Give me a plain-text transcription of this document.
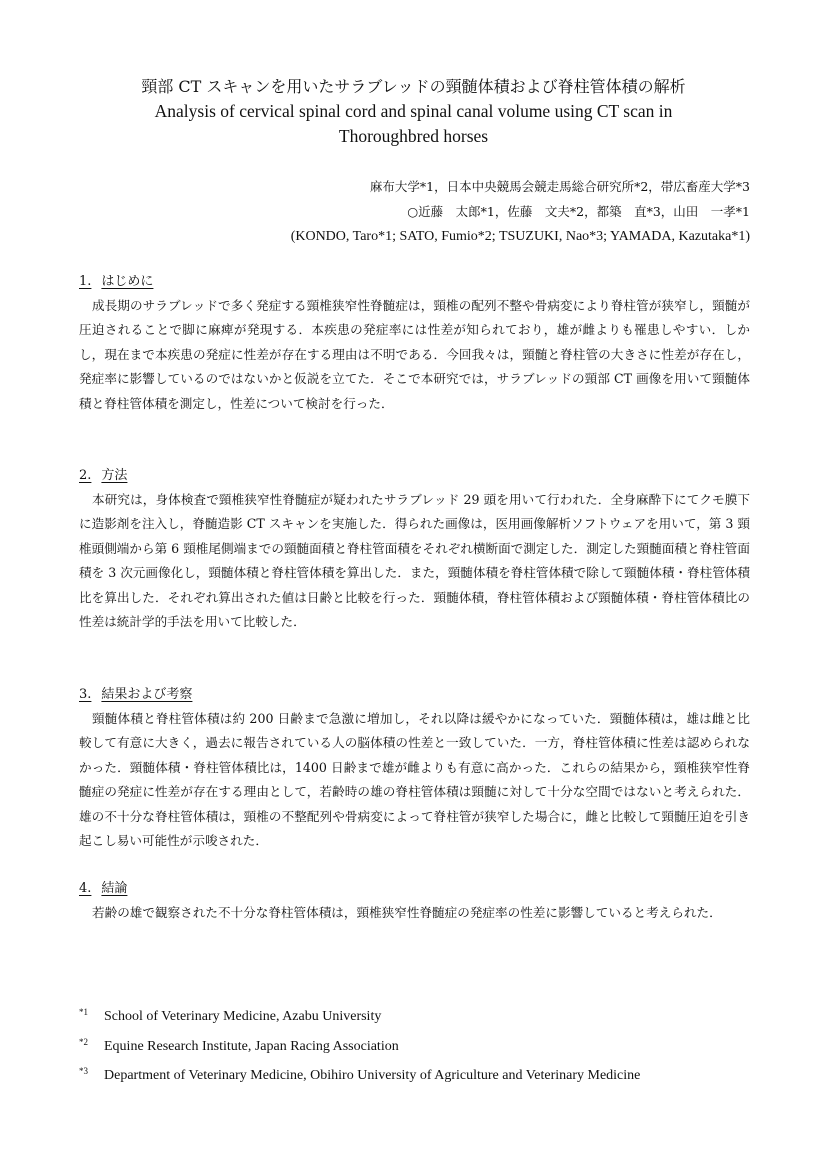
頸部 CT スキャンを用いたサラブレッドの頸髄体積および脊柱管体積の解析

Analysis of cervical spinal cord and spinal canal volume using CT scan in
Thoroughbred horses

麻布大学*1，日本中央競馬会競走馬総合研究所*2，帯広畜産大学*3
○近藤　太郎*1，佐藤　文夫*2，都築　直*3，山田　一孝*1
(KONDO, Taro*1; SATO, Fumio*2; TSUZUKI, Nao*3; YAMADA, Kazutaka*1)
1. はじめに

成長期のサラブレッドで多く発症する頸椎狭窄性脊髄症は，頸椎の配列不整や骨病変により脊柱管が狭窄し，頸髄が圧迫されることで脚に麻痺が発現する．本疾患の発症率には性差が知られており，雄が雌よりも罹患しやすい．しかし，現在まで本疾患の発症に性差が存在する理由は不明である．今回我々は，頸髄と脊柱管の大きさに性差が存在し，発症率に影響しているのではないかと仮説を立てた．そこで本研究では，サラブレッドの頸部 CT 画像を用いて頸髄体積と脊柱管体積を測定し，性差について検討を行った．

2. 方法

本研究は，身体検査で頸椎狭窄性脊髄症が疑われたサラブレッド 29 頭を用いて行われた．全身麻酔下にてクモ膜下に造影剤を注入し，脊髄造影 CT スキャンを実施した．得られた画像は，医用画像解析ソフトウェアを用いて，第 3 頸椎頭側端から第 6 頸椎尾側端までの頸髄面積と脊柱管面積をそれぞれ横断面で測定した．測定した頸髄面積と脊柱管面積を 3 次元画像化し，頸髄体積と脊柱管体積を算出した．また，頸髄体積を脊柱管体積で除して頸髄体積・脊柱管体積比を算出した．それぞれ算出された値は日齢と比較を行った．頸髄体積，脊柱管体積および頸髄体積・脊柱管体積比の性差は統計学的手法を用いて比較した．

3. 結果および考察

頸髄体積と脊柱管体積は約 200 日齢まで急激に増加し，それ以降は緩やかになっていた．頸髄体積は，雄は雌と比較して有意に大きく，過去に報告されている人の脳体積の性差と一致していた．一方，脊柱管体積に性差は認められなかった．頸髄体積・脊柱管体積比は，1400 日齢まで雄が雌よりも有意に高かった．これらの結果から，頸椎狭窄性脊髄症の発症に性差が存在する理由として，若齢時の雄の脊柱管体積は頸髄に対して十分な空間ではないと考えられた．雄の不十分な脊柱管体積は，頸椎の不整配列や骨病変によって脊柱管が狭窄した場合に，雌と比較して頸髄圧迫を引き起こし易い可能性が示唆された．

4. 結論

若齢の雄で観察された不十分な脊柱管体積は，頸椎狭窄性脊髄症の発症率の性差に影響していると考えられた．

*1 School of Veterinary Medicine, Azabu University
*2 Equine Research Institute, Japan Racing Association
*3 Department of Veterinary Medicine, Obihiro University of Agriculture and Veterinary Medicine
